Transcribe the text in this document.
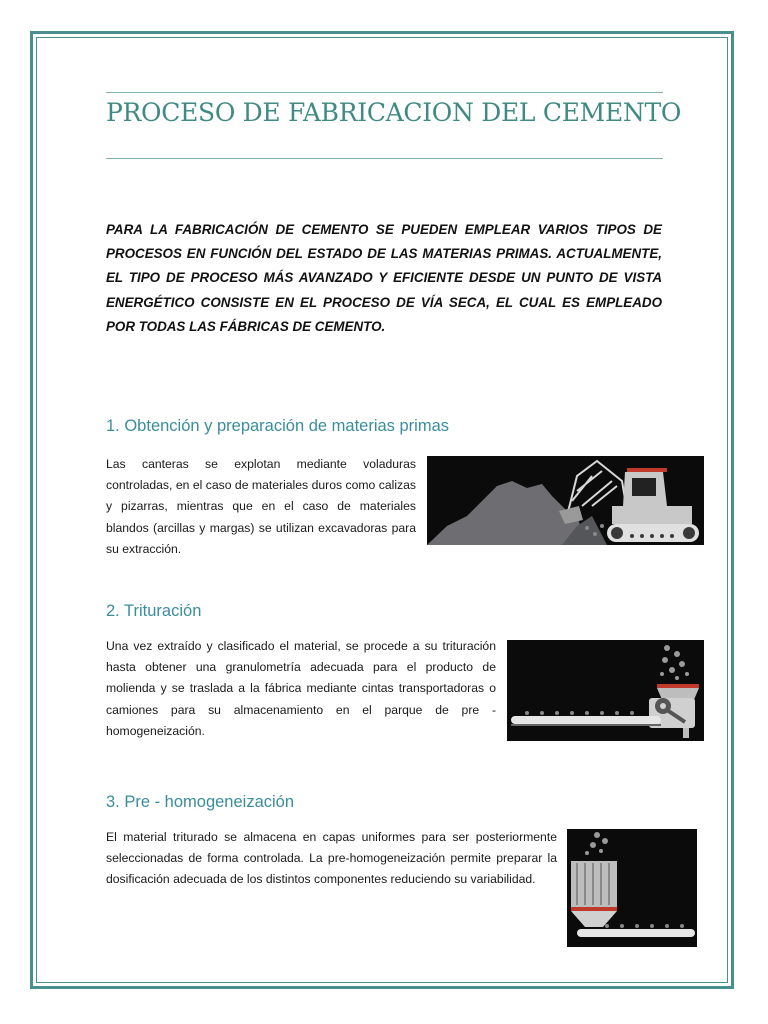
PROCESO DE FABRICACION DEL CEMENTO

PARA LA FABRICACIÓN DE CEMENTO SE PUEDEN EMPLEAR VARIOS TIPOS DE PROCESOS EN FUNCIÓN DEL ESTADO DE LAS MATERIAS PRIMAS. ACTUALMENTE, EL TIPO DE PROCESO MÁS AVANZADO Y EFICIENTE DESDE UN PUNTO DE VISTA ENERGÉTICO CONSISTE EN EL PROCESO DE VÍA SECA, EL CUAL ES EMPLEADO POR TODAS LAS FÁBRICAS DE CEMENTO.

1. Obtención y preparación de materias primas

Las canteras se explotan mediante voladuras controladas, en el caso de materiales duros como calizas y pizarras, mientras que en el caso de materiales blandos (arcillas y margas) se utilizan excavadoras para su extracción.

2. Trituración

Una vez extraído y clasificado el material, se procede a su trituración hasta obtener una granulometría adecuada para el producto de molienda y se traslada a la fábrica mediante cintas transportadoras o camiones para su almacenamiento en el parque de pre - homogeneización.

3. Pre - homogeneización

El material triturado se almacena en capas uniformes para ser posteriormente seleccionadas de forma controlada. La pre-homogeneización permite preparar la dosificación adecuada de los distintos componentes reduciendo su variabilidad.
